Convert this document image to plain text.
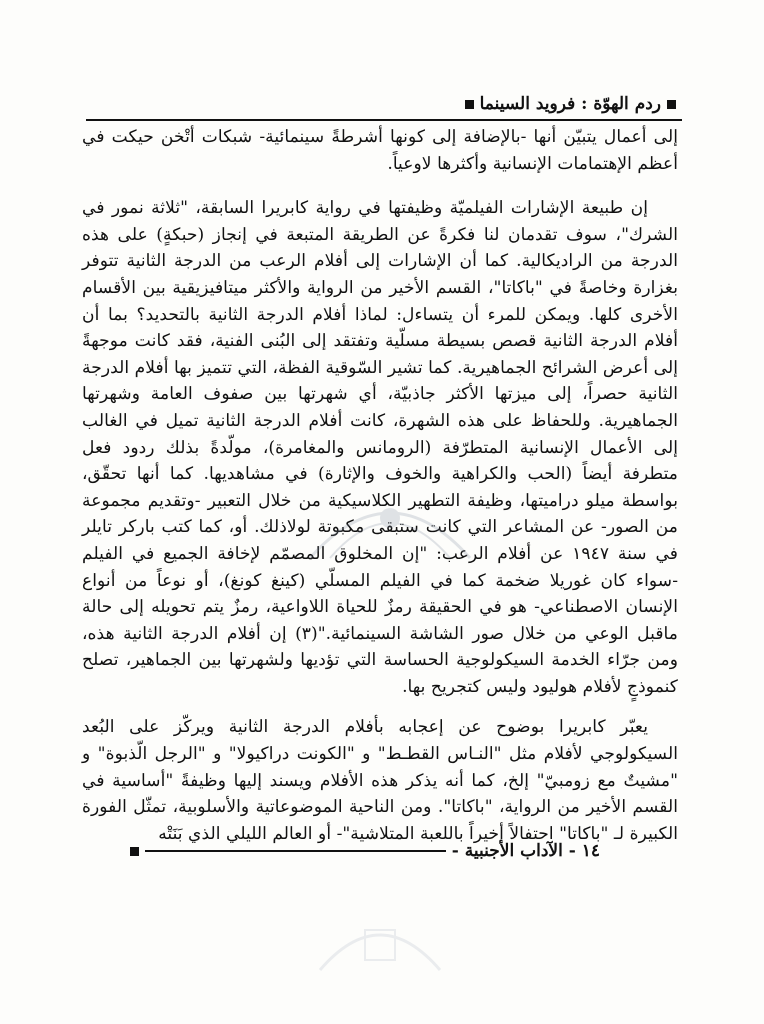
ردم الهوّة : فرويد السينما

إلى أعمال يتبيّن أنها -بالإضافة إلى كونها أشرطةً سينمائية- شبكات أتْخن حيكت في أعظم الإهتمامات الإنسانية وأكثرها لاوعياً.

إن طبيعة الإشارات الفيلميّة وظيفتها في رواية كابريرا السابقة، "ثلاثة نمور في الشرك"، سوف تقدمان لنا فكرةً عن الطريقة المتبعة في إنجاز (حبكةٍ) على هذه الدرجة من الراديكالية. كما أن الإشارات إلى أفلام الرعب من الدرجة الثانية تتوفر بغزارة وخاصةً في "باكاتا"، القسم الأخير من الرواية والأكثر ميتافيزيقية بين الأقسام الأخرى كلها. ويمكن للمرء أن يتساءل: لماذا أفلام الدرجة الثانية بالتحديد؟ بما أن أفلام الدرجة الثانية قصص بسيطة مسلّية وتفتقد إلى البُنى الفنية، فقد كانت موجهةً إلى أعرض الشرائح الجماهيرية. كما تشير السّوقية الفظة، التي تتميز بها أفلام الدرجة الثانية حصراً، إلى ميزتها الأكثر جاذبيّة، أي شهرتها بين صفوف العامة وشهرتها الجماهيرية. وللحفاظ على هذه الشهرة، كانت أفلام الدرجة الثانية تميل في الغالب إلى الأعمال الإنسانية المتطرّفة (الرومانس والمغامرة)، مولّدةً بذلك ردود فعل متطرفة أيضاً (الحب والكراهية والخوف والإثارة) في مشاهديها. كما أنها تحقّق، بواسطة ميلو دراميتها، وظيفة التطهير الكلاسيكية من خلال التعبير -وتقديم مجموعة من الصور- عن المشاعر التي كانت ستبقى مكبوتة لولاذلك. أو، كما كتب باركر تايلر في سنة ١٩٤٧ عن أفلام الرعب: "إن المخلوق المصمّم لإخافة الجميع في الفيلم -سواء كان غوريلا ضخمة كما في الفيلم المسلّي (كينغ كونغ)، أو نوعاً من أنواع الإنسان الاصطناعي- هو في الحقيقة رمزٌ للحياة اللاواعية، رمزٌ يتم تحويله إلى حالة ماقبل الوعي من خلال صور الشاشة السينمائية."(٣) إن أفلام الدرجة الثانية هذه، ومن جرّاء الخدمة السيكولوجية الحساسة التي تؤديها ولشهرتها بين الجماهير، تصلح كنموذجٍ لأفلام هوليود وليس كتجريح بها.

يعبّر كابريرا بوضوح عن إعجابه بأفلام الدرجة الثانية ويركّز على البُعد السيكولوجي لأفلام مثل "النـاس القطـط" و "الكونت دراكيولا" و "الرجل الّذبوة" و "مشيتٌ مع زومبيّ" إلخ، كما أنه يذكر هذه الأفلام ويسند إليها وظيفةً "أساسية في القسم الأخير من الرواية، "باكاتا". ومن الناحية الموضوعاتية والأسلوبية، تمثّل الفورة الكبيرة لـ "باكاتا" احتفالاً أخيراً باللعبة المتلاشية"- أو العالم الليلي الذي بَنَتْه

١٤ - الآداب الأجنبية -
